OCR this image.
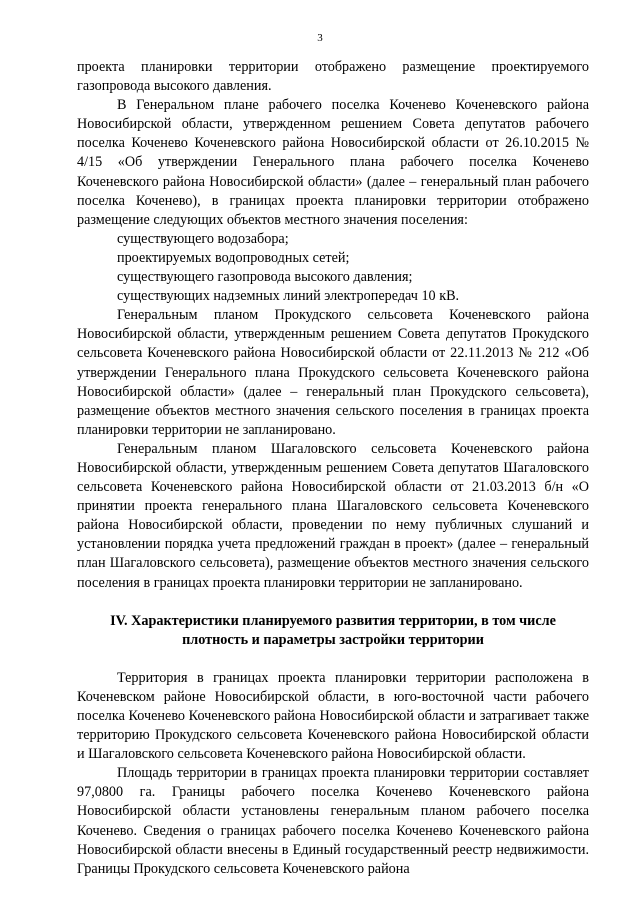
3

проекта планировки территории отображено размещение проектируемого газопровода высокого давления.

В Генеральном плане рабочего поселка Коченево Коченевского района Новосибирской области, утвержденном решением Совета депутатов рабочего поселка Коченево Коченевского района Новосибирской области от 26.10.2015 № 4/15 «Об утверждении Генерального плана рабочего поселка Коченево Коченевского района Новосибирской области» (далее – генеральный план рабочего поселка Коченево), в границах проекта планировки территории отображено размещение следующих объектов местного значения поселения:

существующего водозабора;

проектируемых водопроводных сетей;

существующего газопровода высокого давления;

существующих надземных линий электропередач 10 кВ.

Генеральным планом Прокудского сельсовета Коченевского района Новосибирской области, утвержденным решением Совета депутатов Прокудского сельсовета Коченевского района Новосибирской области от 22.11.2013 № 212 «Об утверждении Генерального плана Прокудского сельсовета Коченевского района Новосибирской области» (далее – генеральный план Прокудского сельсовета), размещение объектов местного значения сельского поселения в границах проекта планировки территории не запланировано.

Генеральным планом Шагаловского сельсовета Коченевского района Новосибирской области, утвержденным решением Совета депутатов Шагаловского сельсовета Коченевского района Новосибирской области от 21.03.2013 б/н «О принятии проекта генерального плана Шагаловского сельсовета Коченевского района Новосибирской области, проведении по нему публичных слушаний и установлении порядка учета предложений граждан в проект» (далее – генеральный план Шагаловского сельсовета), размещение объектов местного значения сельского поселения в границах проекта планировки территории не запланировано.

IV. Характеристики планируемого развития территории, в том числе плотность и параметры застройки территории

Территория в границах проекта планировки территории расположена в Коченевском районе Новосибирской области, в юго-восточной части рабочего поселка Коченево Коченевского района Новосибирской области и затрагивает также территорию Прокудского сельсовета Коченевского района Новосибирской области и Шагаловского сельсовета Коченевского района Новосибирской области.

Площадь территории в границах проекта планировки территории составляет 97,0800 га. Границы рабочего поселка Коченево Коченевского района Новосибирской области установлены генеральным планом рабочего поселка Коченево. Сведения о границах рабочего поселка Коченево Коченевского района Новосибирской области внесены в Единый государственный реестр недвижимости. Границы Прокудского сельсовета Коченевского района
